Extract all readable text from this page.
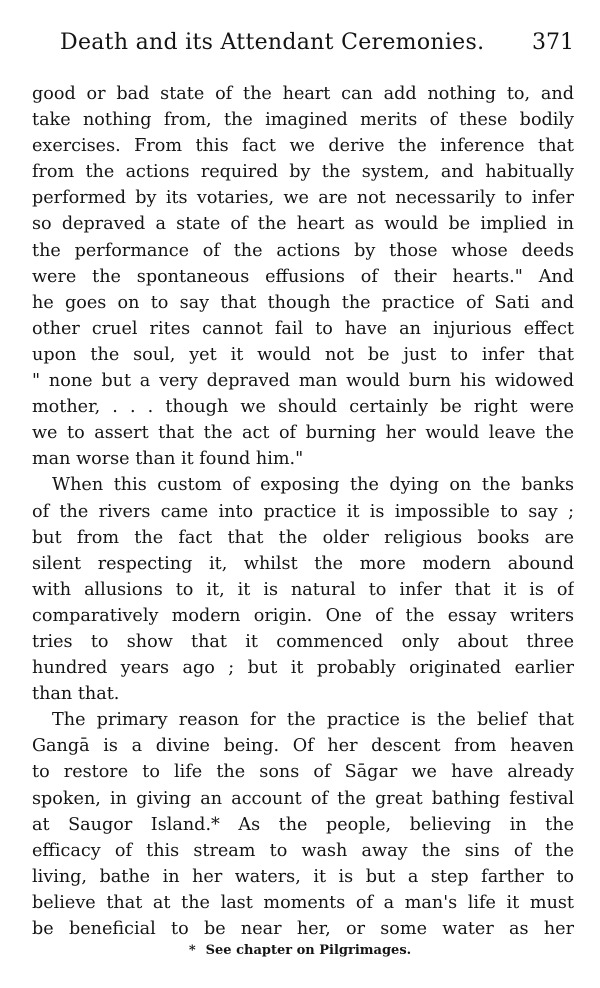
Death and its Attendant Ceremonies. 371
good or bad state of the heart can add nothing to, and
take nothing from, the imagined merits of these bodily
exercises. From this fact we derive the inference that
from the actions required by the system, and habitually
performed by its votaries, we are not necessarily to infer
so depraved a state of the heart as would be implied in
the performance of the actions by those whose deeds
were the spontaneous effusions of their hearts." And
he goes on to say that though the practice of Sati and
other cruel rites cannot fail to have an injurious effect
upon the soul, yet it would not be just to infer that
" none but a very depraved man would burn his widowed
mother, . . . though we should certainly be right were
we to assert that the act of burning her would leave the
man worse than it found him."
When this custom of exposing the dying on the banks
of the rivers came into practice it is impossible to say ;
but from the fact that the older religious books are
silent respecting it, whilst the more modern abound
with allusions to it, it is natural to infer that it is of
comparatively modern origin. One of the essay writers
tries to show that it commenced only about three
hundred years ago ; but it probably originated earlier
than that.
The primary reason for the practice is the belief that
Gangā is a divine being. Of her descent from heaven
to restore to life the sons of Sāgar we have already
spoken, in giving an account of the great bathing festival
at Saugor Island.* As the people, believing in the
efficacy of this stream to wash away the sins of the
living, bathe in her waters, it is but a step farther to
believe that at the last moments of a man's life it must
be beneficial to be near her, or some water as her
* See chapter on Pilgrimages.
